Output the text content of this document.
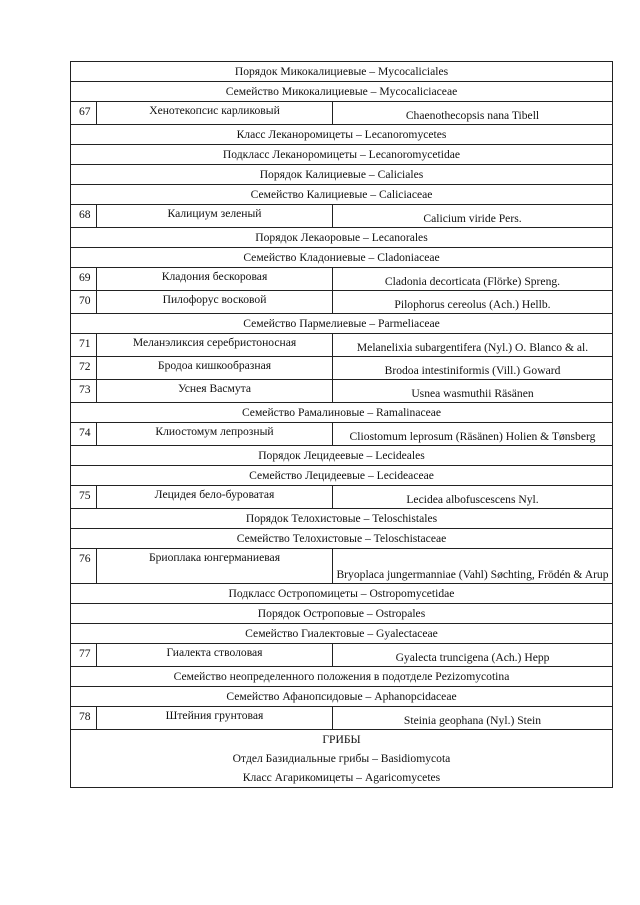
Порядок Микокалициевые – Mycocaliciales		
Семейство Микокалициевые – Mycocaliciaceae		
67	Хенотекопсис карликовый	Chaenothecopsis nana Tibell
Класс Леканоромицеты – Lecanoromycetes		
Подкласс Леканоромицеты – Lecanoromycetidae		
Порядок Калициевые – Caliciales		
Семейство Калициевые – Caliciaceae		
68	Калициум зеленый	Calicium viride Pers.
Порядок Лекаоровые – Lecanorales		
Семейство Кладониевые – Cladoniaceae		
69	Кладония бескоровая	Cladonia decorticata (Flörke) Spreng.
70	Пилофорус восковой	Pilophorus cereolus (Ach.) Hellb.
Семейство Пармелиевые – Parmeliaceae		
71	Меланэликсия серебристоносная	Melanelixia subargentifera (Nyl.) O. Blanco & al.
72	Бродоа кишкообразная	Brodoa intestiniformis (Vill.) Goward
73	Уснея Васмута	Usnea wasmuthii Räsänen
Семейство Рамалиновые – Ramalinaceae		
74	Клиостомум лепрозный	Cliostomum leprosum (Räsänen) Holien & Tønsberg
Порядок Лецидеевые – Lecideales		
Семейство Лецидеевые – Lecideaceae		
75	Лецидея бело-буроватая	Lecidea albofuscescens Nyl.
Порядок Телохистовые – Teloschistales		
Семейство Телохистовые – Teloschistaceae		
76	Бриоплака юнгерманиевая	Bryoplaca jungermanniae (Vahl) Søchting, Frödén & Arup
Подкласс Остропомицеты – Ostropomycetidae		
Порядок Остроповые – Ostropales		
Семейство Гиалектовые – Gyalectaceae		
77	Гиалекта стволовая	Gyalecta truncigena (Ach.) Hepp
Семейство неопределенного положения в подотделе Pezizomycotina		
Семейство Афанопсидовые – Aphanopcidaceae		
78	Штейния грунтовая	Steinia geophana (Nyl.) Stein
ГРИБЫ		
Отдел Базидиальные грибы – Basidiomycota		
Класс Агарикомицеты – Agaricomycetes		
